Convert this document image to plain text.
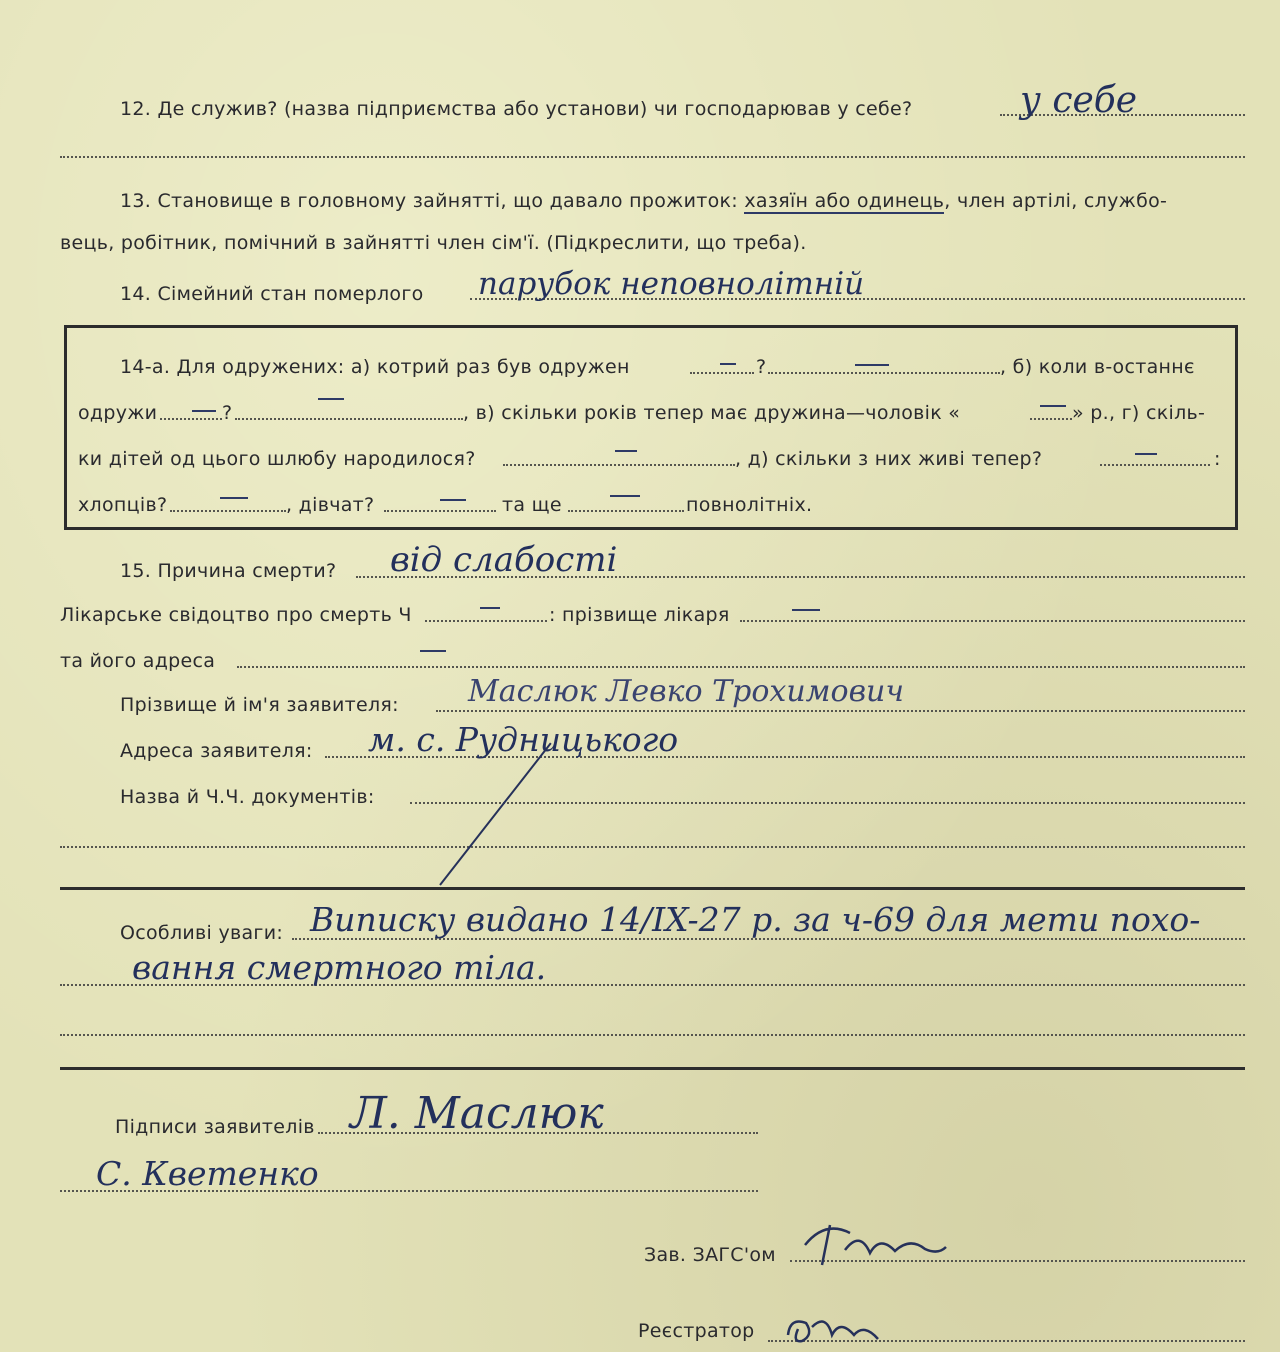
12. Де служив? (назва підприємства або установи) чи господарював у себе?	у себе
13. Становище в головному зайнятті, що давало прожиток: хазяїн або одинець, член артілі, службо-
вець, робітник, помічний в зайнятті член сім'ї. (Підкреслити, що треба).
14. Сімейний стан померлого парубок неповнолітній
14-а. Для одружених: а) котрий раз був одружен	?	, б) коли в-останнє
одружи	?	, в) скільки років тепер має дружина—чоловік «	» р., г) скіль-
ки дітей од цього шлюбу народилося?	, д) скільки з них живі тепер?	:
хлопців?	, дівчат?	та ще	повнолітніх.
15. Причина смерти? від слабості
Лікарське свідоцтво про смерть Ч	: прізвище лікаря
та його адреса
Прізвище й ім'я заявителя: Маслюк Левко Трохимович
Адреса заявителя: м. с. Рудницького
Назва й Ч.Ч. документів:
Особливі уваги: Виписку видано 14/IX-27 р. за ч-69 для мети похо-
вання смертного тіла.
Підписи заявителів Л. Маслюк
С. Кветенко
Зав. ЗАГС'ом
Реєстратор
